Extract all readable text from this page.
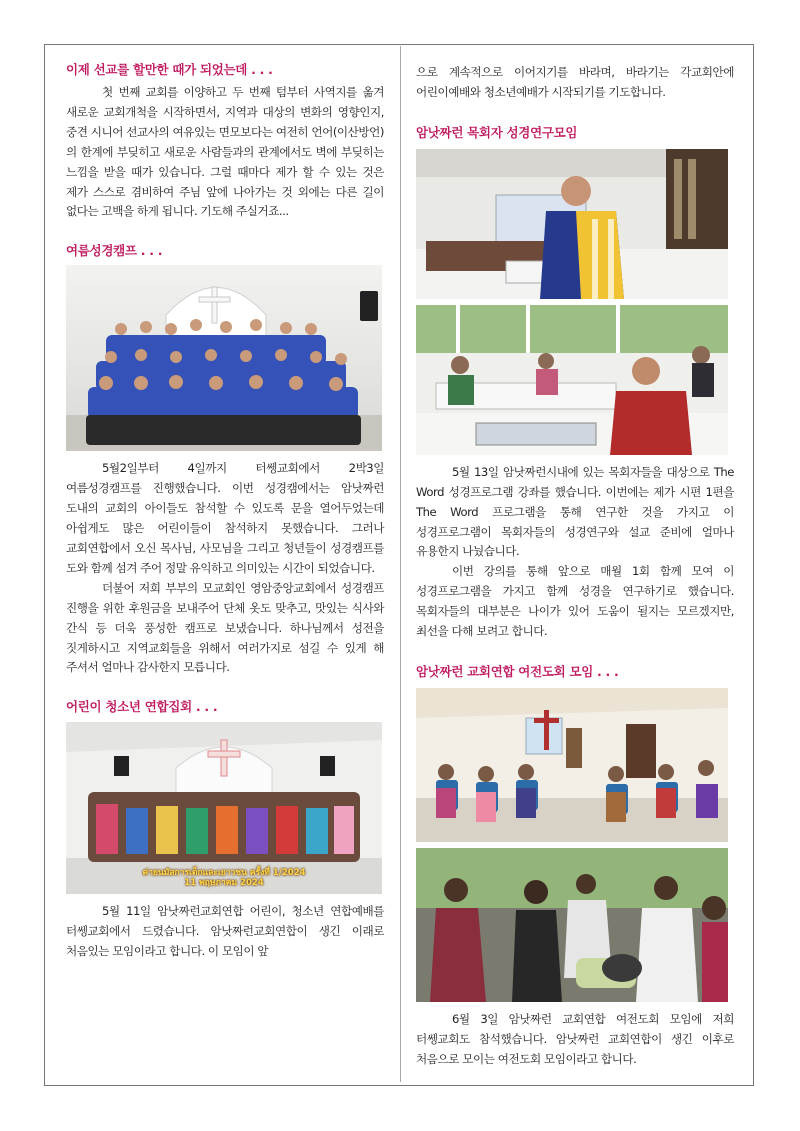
이제 선교를 할만한 때가 되었는데 . . .

첫 번째 교회를 이양하고 두 번째 텀부터 사역지를 옮겨 새로운 교회개척을 시작하면서, 지역과 대상의 변화의 영향인지, 중견 시니어 선교사의 여유있는 면모보다는 여전히 언어(이산방언)의 한계에 부딪히고 새로운 사람들과의 관계에서도 벽에 부딪히는 느낌을 받을 때가 있습니다. 그럴 때마다 제가 할 수 있는 것은 제가 스스로 겸비하여 주님 앞에 나아가는 것 외에는 다른 길이 없다는 고백을 하게 됩니다. 기도해 주실거죠...

여름성경캠프 . . .

5월2일부터 4일까지 터쎙교회에서 2박3일 여름성경캠프를 진행했습니다. 이번 성경캠에서는 암낫짜런 도내의 교회의 아이들도 참석할 수 있도록 문을 열어두었는데 아쉽게도 많은 어린이들이 참석하지 못했습니다. 그러나 교회연합에서 오신 목사님, 사모님을 그리고 청년들이 성경캠프를 도와 함께 섬겨 주어 정말 유익하고 의미있는 시간이 되었습니다.

더불어 저희 부부의 모교회인 영암중앙교회에서 성경캠프 진행을 위한 후원금을 보내주어 단체 옷도 맞추고, 맛있는 식사와 간식 등 더욱 풍성한 캠프로 보냈습니다. 하나님께서 성전을 짓게하시고 지역교회들을 위해서 여러가지로 섬길 수 있게 해 주셔서 얼마나 감사한지 모릅니다.

어린이 청소년 연합집회 . . .
ค่ายนมัสการเด็กและเยาวชน ครั้งที่ 1/2024
11 พฤษภาคม 2024

5월 11일 암낫짜런교회연합 어린이, 청소년 연합예배를 터쎙교회에서 드렸습니다. 암낫짜런교회연합이 생긴 이래로 처음있는 모임이라고 합니다. 이 모임이 앞

으로 계속적으로 이어지기를 바라며, 바라기는 각교회안에 어린이예배와 청소년예배가 시작되기를 기도합니다.

암낫짜런 목회자 성경연구모임

5월 13일 암낫짜런시내에 있는 목회자들을 대상으로 The Word 성경프로그램 강좌를 했습니다. 이번에는 제가 시편 1편을 The Word 프로그램을 통해 연구한 것을 가지고 이 성경프로그램이 목회자들의 성경연구와 설교 준비에 얼마나 유용한지 나눴습니다.

이번 강의를 통해 앞으로 매월 1회 함께 모여 이 성경프로그램을 가지고 함께 성경을 연구하기로 했습니다. 목회자들의 대부분은 나이가 있어 도움이 될지는 모르겠지만, 최선을 다해 보려고 합니다.

암낫짜런 교회연합 여전도회 모임 . . .

6월 3일 암낫짜런 교회연합 여전도회 모임에 저희 터쎙교회도 참석했습니다. 암낫짜런 교회연합이 생긴 이후로 처음으로 모이는 여전도회 모임이라고 합니다.
